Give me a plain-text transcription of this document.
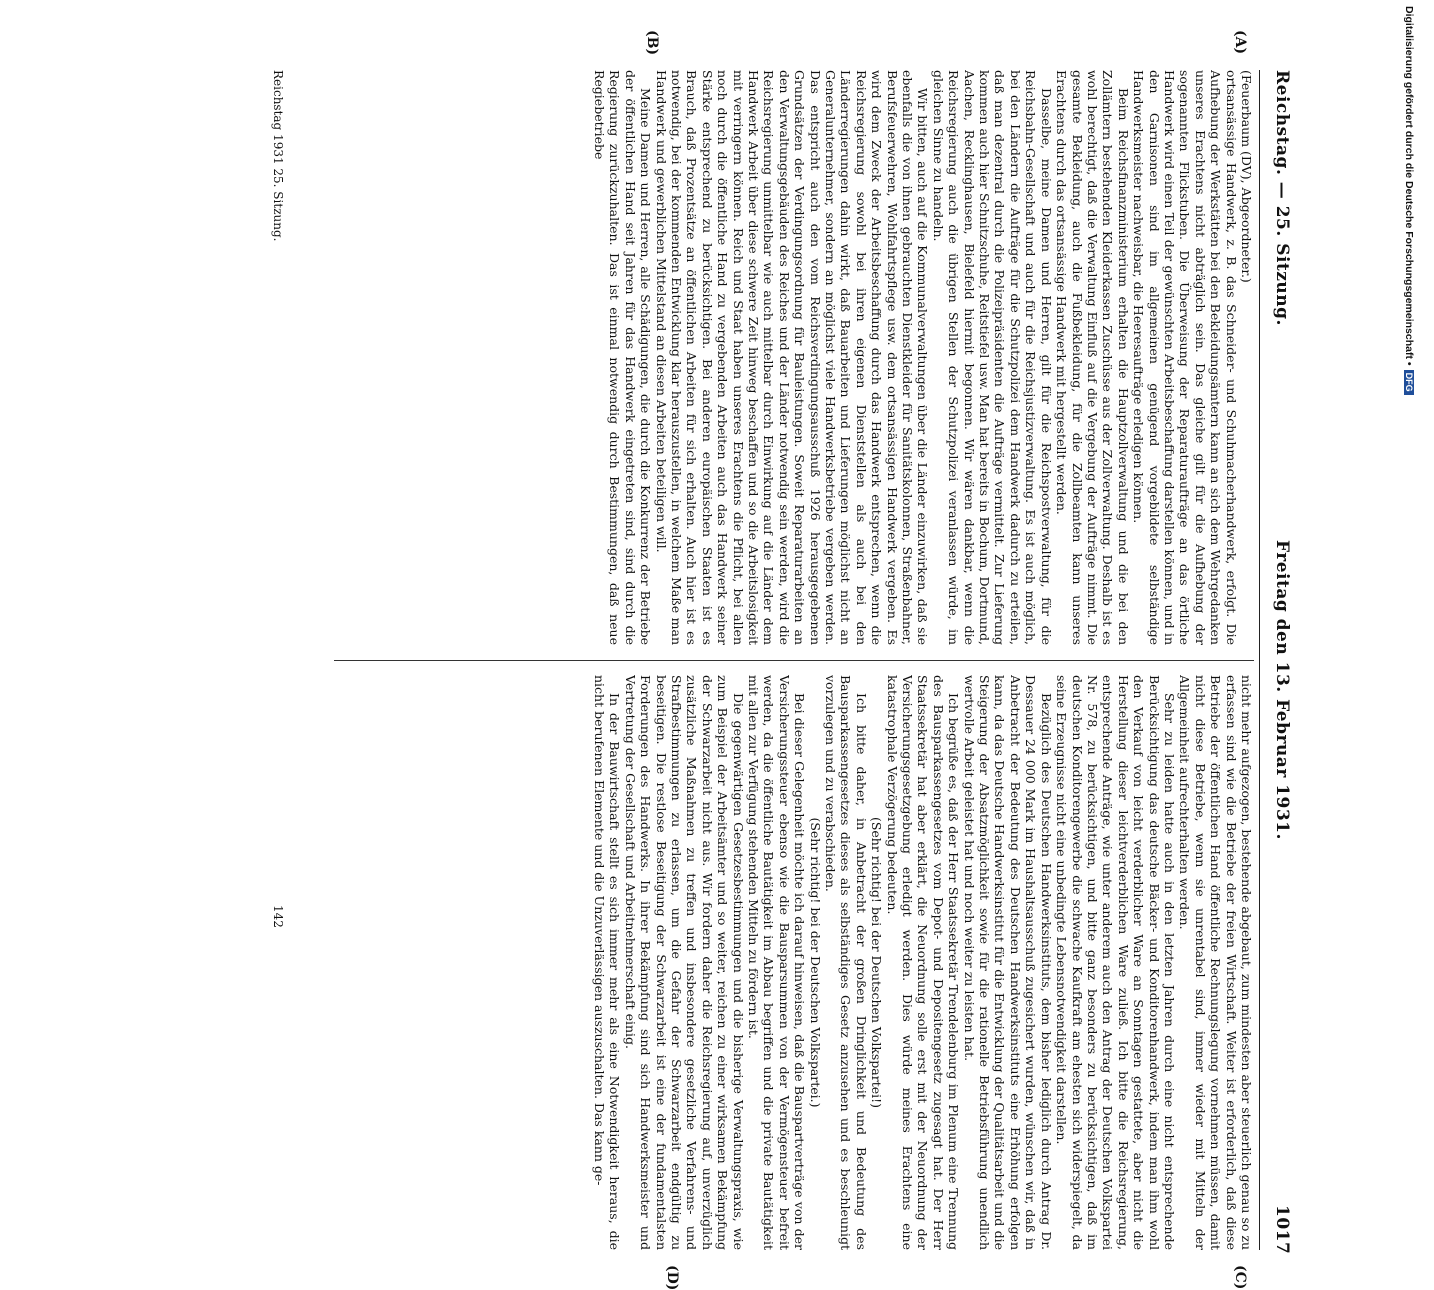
Reichstag. — 25. Sitzung.
Freitag den 13. Februar 1931.
1017
(A)
(B)
(C)
(D)

(Feuerbaum (DV), Abgeordneter.)

ortsansässige Handwerk, z. B. das Schneider- und Schuhmacherhandwerk, erfolgt. Die Aufhebung der Werkstätten bei den Bekleidungsämtern kann an sich dem Wehrgedanken unseres Erachtens nicht abträglich sein. Das gleiche gilt für die Aufhebung der sogenannten Flickstuben. Die Überweisung der Reparaturaufträge an das örtliche Handwerk wird einen Teil der gewünschten Arbeitsbeschaffung darstellen können, und in den Garnisonen sind im allgemeinen genügend vorgebildete selbständige Handwerksmeister nachweisbar, die Heeresaufträge erledigen können.

Beim Reichsfinanzministerium erhalten die Hauptzollverwaltung und die bei den Zollämtern bestehenden Kleiderkassen Zuschüsse aus der Zollverwaltung. Deshalb ist es wohl berechtigt, daß die Verwaltung Einfluß auf die Vergebung der Aufträge nimmt. Die gesamte Bekleidung, auch die Fußbekleidung, für die Zollbeamten kann unseres Erachtens durch das ortsansässige Handwerk mit hergestellt werden.

Dasselbe, meine Damen und Herren, gilt für die Reichspostverwaltung, für die Reichsbahn-Gesellschaft und auch für die Reichsjustizverwaltung. Es ist auch möglich, bei den Ländern die Aufträge für die Schutzpolizei dem Handwerk dadurch zu erteilen, daß man dezentral durch die Polizeipräsidenten die Aufträge vermittelt. Zur Lieferung kommen auch hier Schnitzschuhe, Reitstiefel usw. Man hat bereits in Bochum, Dortmund, Aachen, Recklinghausen, Bielefeld hiermit begonnen. Wir wären dankbar, wenn die Reichsregierung auch die übrigen Stellen der Schutzpolizei veranlassen würde, im gleichen Sinne zu handeln.

Wir bitten, auch auf die Kommunalverwaltungen über die Länder einzuwirken, daß sie ebenfalls die von ihnen gebrauchten Dienstkleider für Sanitätskolonnen, Straßenbahner, Berufsfeuerwehren, Wohlfahrtspflege usw. dem ortsansässigen Handwerk vergeben. Es wird dem Zweck der Arbeitsbeschaffung durch das Handwerk entsprechen, wenn die Reichsregierung sowohl bei ihren eigenen Dienststellen als auch bei den Länderregierungen dahin wirkt, daß Bauarbeiten und Lieferungen möglichst nicht an Generalunternehmer, sondern an möglichst viele Handwerksbetriebe vergeben werden. Das entspricht auch den vom Reichsverdingungsausschuß 1926 herausgegebenen Grundsätzen der Verdingungsordnung für Bauleistungen. Soweit Reparaturarbeiten an den Verwaltungsgebäuden des Reiches und der Länder notwendig sein werden, wird die Reichsregierung unmittelbar wie auch mittelbar durch Einwirkung auf die Länder dem Handwerk Arbeit über diese schwere Zeit hinweg beschaffen und so die Arbeitslosigkeit mit verringern können. Reich und Staat haben unseres Erachtens die Pflicht, bei allen noch durch die öffentliche Hand zu vergebenden Arbeiten auch das Handwerk seiner Stärke entsprechend zu berücksichtigen. Bei anderen europäischen Staaten ist es Brauch, daß Prozentsätze an öffentlichen Arbeiten für sich erhalten. Auch hier ist es notwendig, bei der kommenden Entwicklung klar herauszustellen, in welchem Maße man Handwerk und gewerblichen Mittelstand an diesen Arbeiten beteiligen will.

Meine Damen und Herren, alle Schädigungen, die durch die Konkurrenz der Betriebe der öffentlichen Hand seit Jahren für das Handwerk eingetreten sind, sind durch die Regierung zurückzuhalten. Das ist einmal notwendig durch Bestimmungen, daß neue Regiebetriebe

nicht mehr aufgezogen, bestehende abgebaut, zum mindesten aber steuerlich genau so zu erfassen sind wie die Betriebe der freien Wirtschaft. Weiter ist erforderlich, daß diese Betriebe der öffentlichen Hand öffentliche Rechnungslegung vornehmen müssen, damit nicht diese Betriebe, wenn sie unrentabel sind, immer wieder mit Mitteln der Allgemeinheit aufrechterhalten werden.

Sehr zu leiden hatte auch in den letzten Jahren durch eine nicht entsprechende Berücksichtigung das deutsche Bäcker- und Konditorenhandwerk, indem man ihm wohl den Verkauf von leicht verderblicher Ware an Sonntagen gestattete, aber nicht die Herstellung dieser leichtverderblichen Ware zuließ. Ich bitte die Reichsregierung, entsprechende Anträge, wie unter anderem auch den Antrag der Deutschen Volkspartei Nr. 578, zu berücksichtigen, und bitte ganz besonders zu berücksichtigen, daß im deutschen Konditorengewerbe die schwache Kaufkraft am ehesten sich widerspiegelt, da seine Erzeugnisse nicht eine unbedingte Lebensnotwendigkeit darstellen.

Bezüglich des Deutschen Handwerksinstituts, dem bisher lediglich durch Antrag Dr. Dessauer 24 000 Mark im Haushaltsausschuß zugesichert wurden, wünschen wir, daß in Anbetracht der Bedeutung des Deutschen Handwerksinstituts eine Erhöhung erfolgen kann, da das Deutsche Handwerksinstitut für die Entwicklung der Qualitätsarbeit und die Steigerung der Absatzmöglichkeit sowie für die rationelle Betriebsführung unendlich wertvolle Arbeit geleistet hat und noch weiter zu leisten hat.

Ich begrüße es, daß der Herr Staatssekretär Trendelenburg im Plenum eine Trennung des Bausparkassengesetzes vom Depot- und Depositengesetz zugesagt hat. Der Herr Staatssekretär hat aber erklärt, die Neuordnung solle erst mit der Neuordnung der Versicherungsgesetzgebung erledigt werden. Dies würde meines Erachtens eine katastrophale Verzögerung bedeuten.

(Sehr richtig! bei der Deutschen Volkspartei!)

Ich bitte daher, in Anbetracht der großen Dringlichkeit und Bedeutung des Bausparkassengesetzes dieses als selbständiges Gesetz anzusehen und es beschleunigt vorzulegen und zu verabschieden.

(Sehr richtig! bei der Deutschen Volkspartei.)

Bei dieser Gelegenheit möchte ich darauf hinweisen, daß die Bauspartverträge von der Versicherungssteuer ebenso wie die Bausparsummen von der Vermögensteuer befreit werden, da die öffentliche Bautätigkeit im Abbau begriffen und die private Bautätigkeit mit allen zur Verfügung stehenden Mitteln zu fördern ist.

Die gegenwärtigen Gesetzesbestimmungen und die bisherige Verwaltungspraxis, wie zum Beispiel der Arbeitsämter und so weiter, reichen zu einer wirksamen Bekämpfung der Schwarzarbeit nicht aus. Wir fordern daher die Reichsregierung auf, unverzüglich zusätzliche Maßnahmen zu treffen und insbesondere gesetzliche Verfahrens- und Strafbestimmungen zu erlassen, um die Gefahr der Schwarzarbeit endgültig zu beseitigen. Die restlose Beseitigung der Schwarzarbeit ist eine der fundamentalsten Forderungen des Handwerks. In ihrer Bekämpfung sind sich Handwerksmeister und Vertretung der Gesellschaft und Arbeitnehmerschaft einig.

In der Bauwirtschaft stellt es sich immer mehr als eine Notwendigkeit heraus, die nicht berufenen Elemente und die Unzuverlässigen auszuschalten. Das kann ge-

Reichstag 1931 25. Sitzung.
142
Digitalisierung gefördert durch die Deutsche Forschungsgemeinschaft •DFG
